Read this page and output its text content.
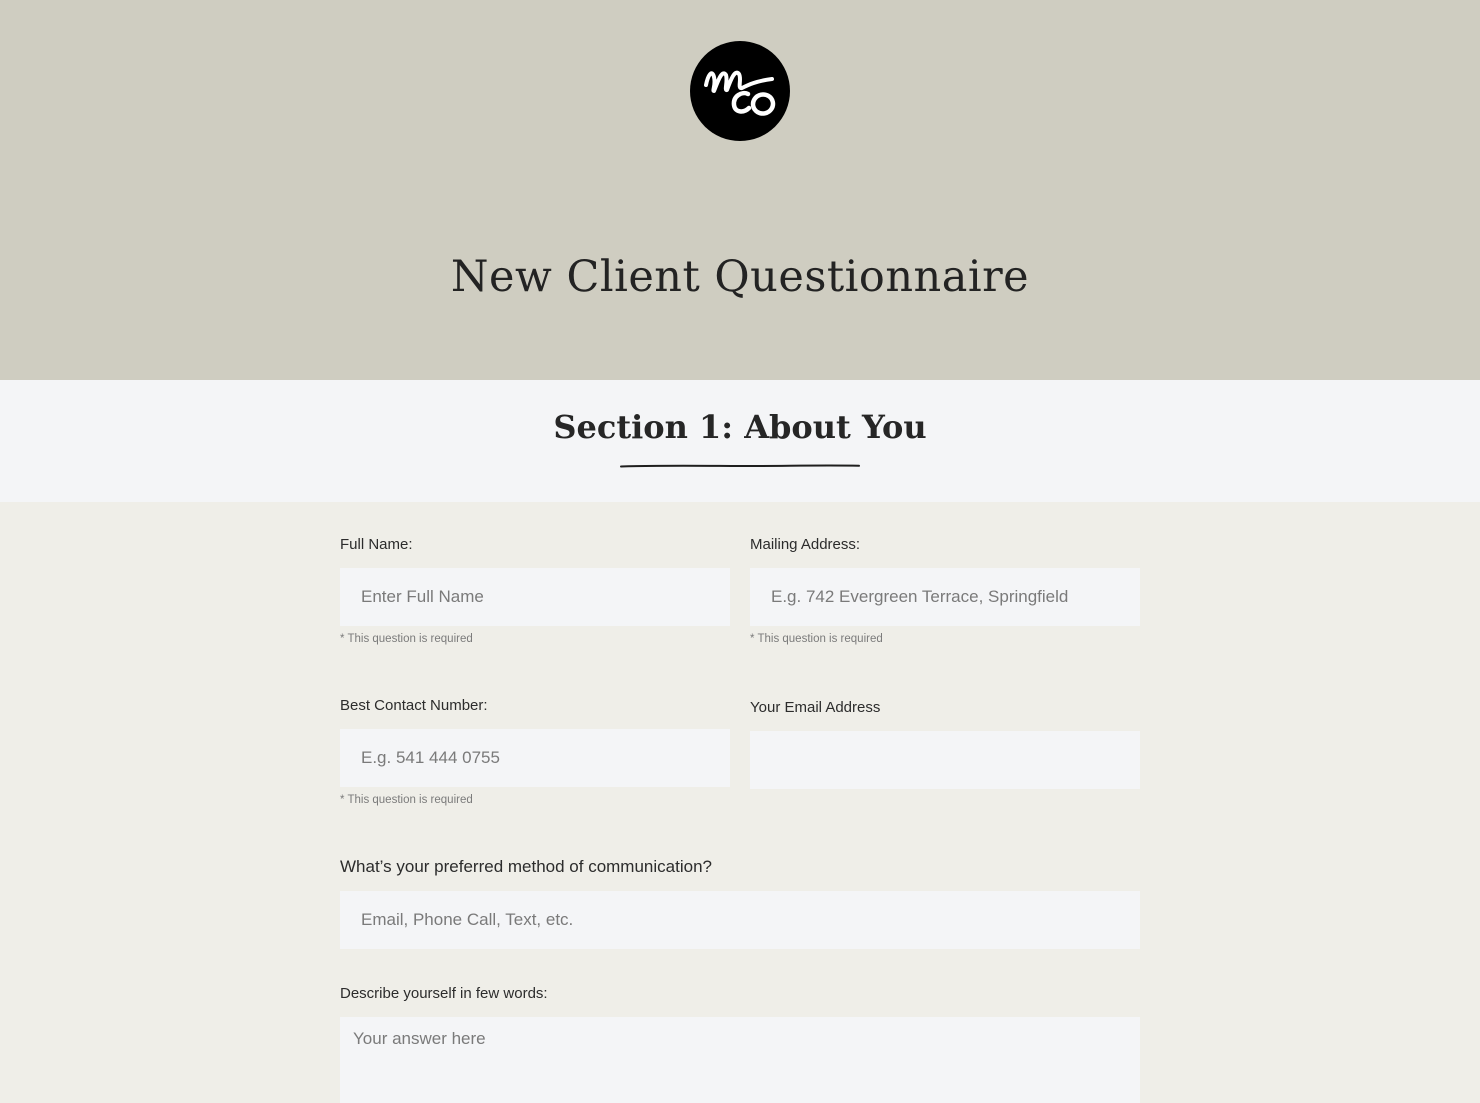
New Client Questionnaire
Section 1: About You
Full Name:
Enter Full Name
* This question is required
Mailing Address:
E.g. 742 Evergreen Terrace, Springfield
* This question is required
Best Contact Number:
E.g. 541 444 0755
* This question is required
Your Email Address
What’s your preferred method of communication?
Email, Phone Call, Text, etc.
Describe yourself in few words:
Your answer here
